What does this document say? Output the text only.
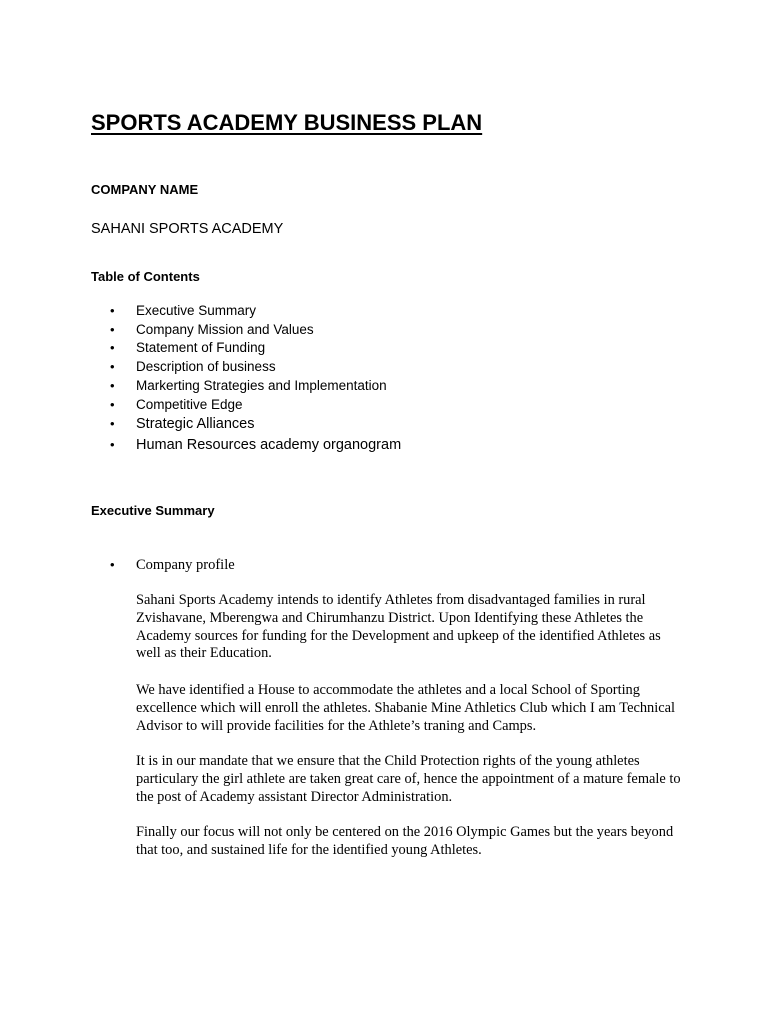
SPORTS ACADEMY BUSINESS PLAN

COMPANY NAME

SAHANI SPORTS ACADEMY

Table of Contents

• Executive Summary
• Company Mission and Values
• Statement of Funding
• Description of business
• Markerting Strategies and Implementation
• Competitive Edge
• Strategic Alliances
• Human Resources academy organogram

Executive Summary

• Company profile

Sahani Sports Academy intends to identify Athletes from disadvantaged families in rural Zvishavane, Mberengwa and Chirumhanzu District. Upon Identifying these Athletes the Academy sources for funding for the Development and upkeep of the identified Athletes as well as their Education.

We have identified a House to accommodate the athletes and a local School of Sporting excellence which will enroll the athletes. Shabanie Mine Athletics Club which I am Technical Advisor to will provide facilities for the Athlete’s traning and Camps.

It is in our mandate that we ensure that the Child Protection rights of the young athletes particulary the girl athlete are taken great care of, hence the appointment of a mature female to the post of Academy assistant Director Administration.

Finally our focus will not only be centered on the 2016 Olympic Games but the years beyond that too, and sustained life for the identified young Athletes.
